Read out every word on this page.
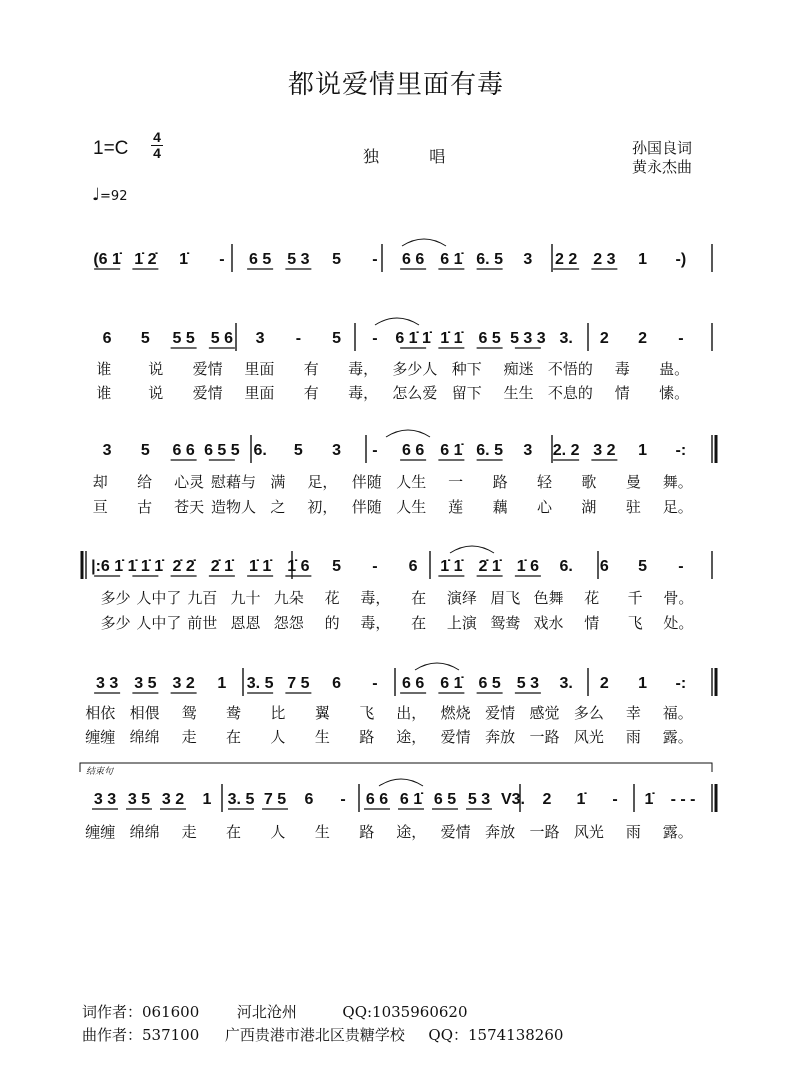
都说爱情里面有毒
1=C
4
4	独	唱	孙国良词
黄永杰曲
♩=92
(6 1̇ 1̇ 2̇ 1̇ - 6 5 5 3 5 - 6 6 6 1̇ 6. 5 3 2 2 2 3 1 -)
6 5 5 5 5 6 3 - 5 - 6 1̇ 1̇ 1̇ 1̇ 6 5 5 3 3 3. 2 2 -
谁 说 爱情 里面 有 毒， 多少人 种下 痴迷 不悟的 毒 蛊。
谁 说 爱情 里面 有 毒， 怎么爱 留下 生生 不息的 情 愫。
3 5 6 6 6 5 5 6. 5 3 - 6 6 6 1̇ 6. 5 3 2. 2 3 2 1 -:
却 给 心灵 慰藉与 满 足， 伴随 人生 一 路 轻 歌 曼 舞。
亘 古 苍天 造物人 之 初， 伴随 人生 莲 藕 心 湖 驻 足。
|:6 1̇ 1̇ 1̇ 1̇ 2̇ 2̇ 2̇ 1̇ 1̇ 1̇ 1̇ 6 5 - 6 1̇ 1̇ 2̇ 1̇ 1̇ 6 6. 6 5 -
多少 人中了 九百 九十 九朵 花 毒， 在 演绎 眉飞 色舞 花 千 骨。
多少 人中了 前世 恩恩 怨怨 的 毒， 在 上演 鸳鸯 戏水 情 飞 处。
3 3 3 5 3 2 1 3. 5 7 5 6 - 6 6 6 1̇ 6 5 5 3 3. 2 1 -:
相依 相偎 鸳 鸯 比 翼 飞 出， 燃烧 爱情 感觉 多么 幸 福。
缠缠 绵绵 走 在 人 生 路 途， 爱情 奔放 一路 风光 雨 露。
3 3 3 5 3 2 1 3. 5 7 5 6 - 6 6 6 1̇ 6 5 5 3 V3. 2 1̇ - 1̇ - - -
缠缠 绵绵 走 在 人 生 路 途， 爱情 奔放 一路 风光 雨 露。
结束句
词作者：061600	河北沧州	QQ:1035960620
曲作者：537100 广西贵港市港北区贵糖学校 QQ：1574138260
